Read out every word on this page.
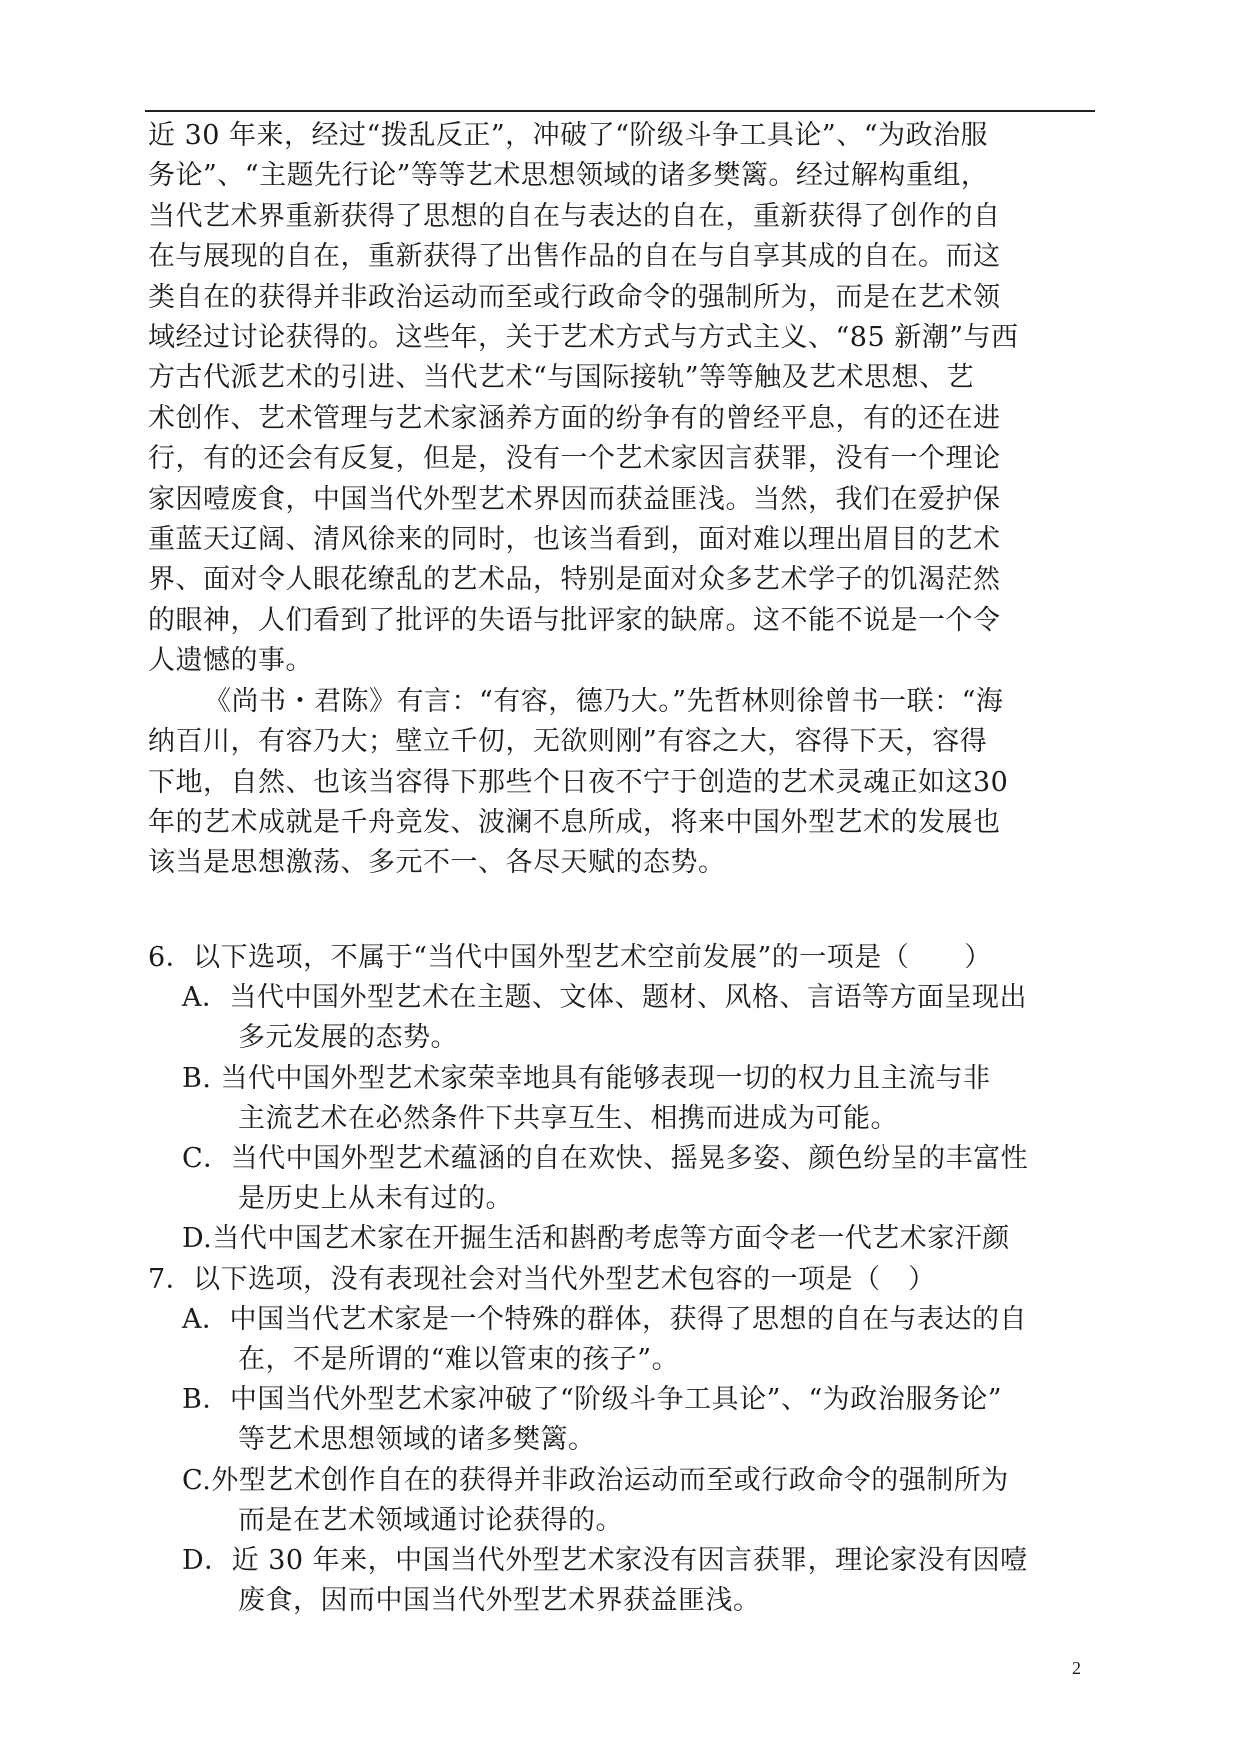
近 30 年来，经过“拨乱反正”，冲破了“阶级斗争工具论”、“为政治服
务论”、“主题先行论”等等艺术思想领域的诸多樊篱。经过解构重组，
当代艺术界重新获得了思想的自在与表达的自在，重新获得了创作的自
在与展现的自在，重新获得了出售作品的自在与自享其成的自在。而这
类自在的获得并非政治运动而至或行政命令的强制所为，而是在艺术领
域经过讨论获得的。这些年，关于艺术方式与方式主义、“85 新潮”与西
方古代派艺术的引进、当代艺术“与国际接轨”等等触及艺术思想、艺
术创作、艺术管理与艺术家涵养方面的纷争有的曾经平息，有的还在进
行，有的还会有反复，但是，没有一个艺术家因言获罪，没有一个理论
家因噎废食，中国当代外型艺术界因而获益匪浅。当然，我们在爱护保
重蓝天辽阔、清风徐来的同时，也该当看到，面对难以理出眉目的艺术
界、面对令人眼花缭乱的艺术品，特别是面对众多艺术学子的饥渴茫然
的眼神，人们看到了批评的失语与批评家的缺席。这不能不说是一个令
人遗憾的事。
《尚书・君陈》有言：“有容，德乃大。”先哲林则徐曾书一联：“海
纳百川，有容乃大；壁立千仞，无欲则刚”有容之大，容得下天，容得
下地，自然、也该当容得下那些个日夜不宁于创造的艺术灵魂正如这30
年的艺术成就是千舟竞发、波澜不息所成，将来中国外型艺术的发展也
该当是思想激荡、多元不一、各尽天赋的态势。
6．以下选项，不属于“当代中国外型艺术空前发展”的一项是（　　）
A．当代中国外型艺术在主题、文体、题材、风格、言语等方面呈现出
多元发展的态势。
B. 当代中国外型艺术家荣幸地具有能够表现一切的权力且主流与非
主流艺术在必然条件下共享互生、相携而进成为可能。
C．当代中国外型艺术蕴涵的自在欢快、摇晃多姿、颜色纷呈的丰富性
是历史上从未有过的。
D.当代中国艺术家在开掘生活和斟酌考虑等方面令老一代艺术家汗颜
7．以下选项，没有表现社会对当代外型艺术包容的一项是（　）
A．中国当代艺术家是一个特殊的群体，获得了思想的自在与表达的自
在，不是所谓的“难以管束的孩子”。
B．中国当代外型艺术家冲破了“阶级斗争工具论”、“为政治服务论”
等艺术思想领域的诸多樊篱。
C.外型艺术创作自在的获得并非政治运动而至或行政命令的强制所为
而是在艺术领域通讨论获得的。
D．近 30 年来，中国当代外型艺术家没有因言获罪，理论家没有因噎
废食，因而中国当代外型艺术界获益匪浅。
2
